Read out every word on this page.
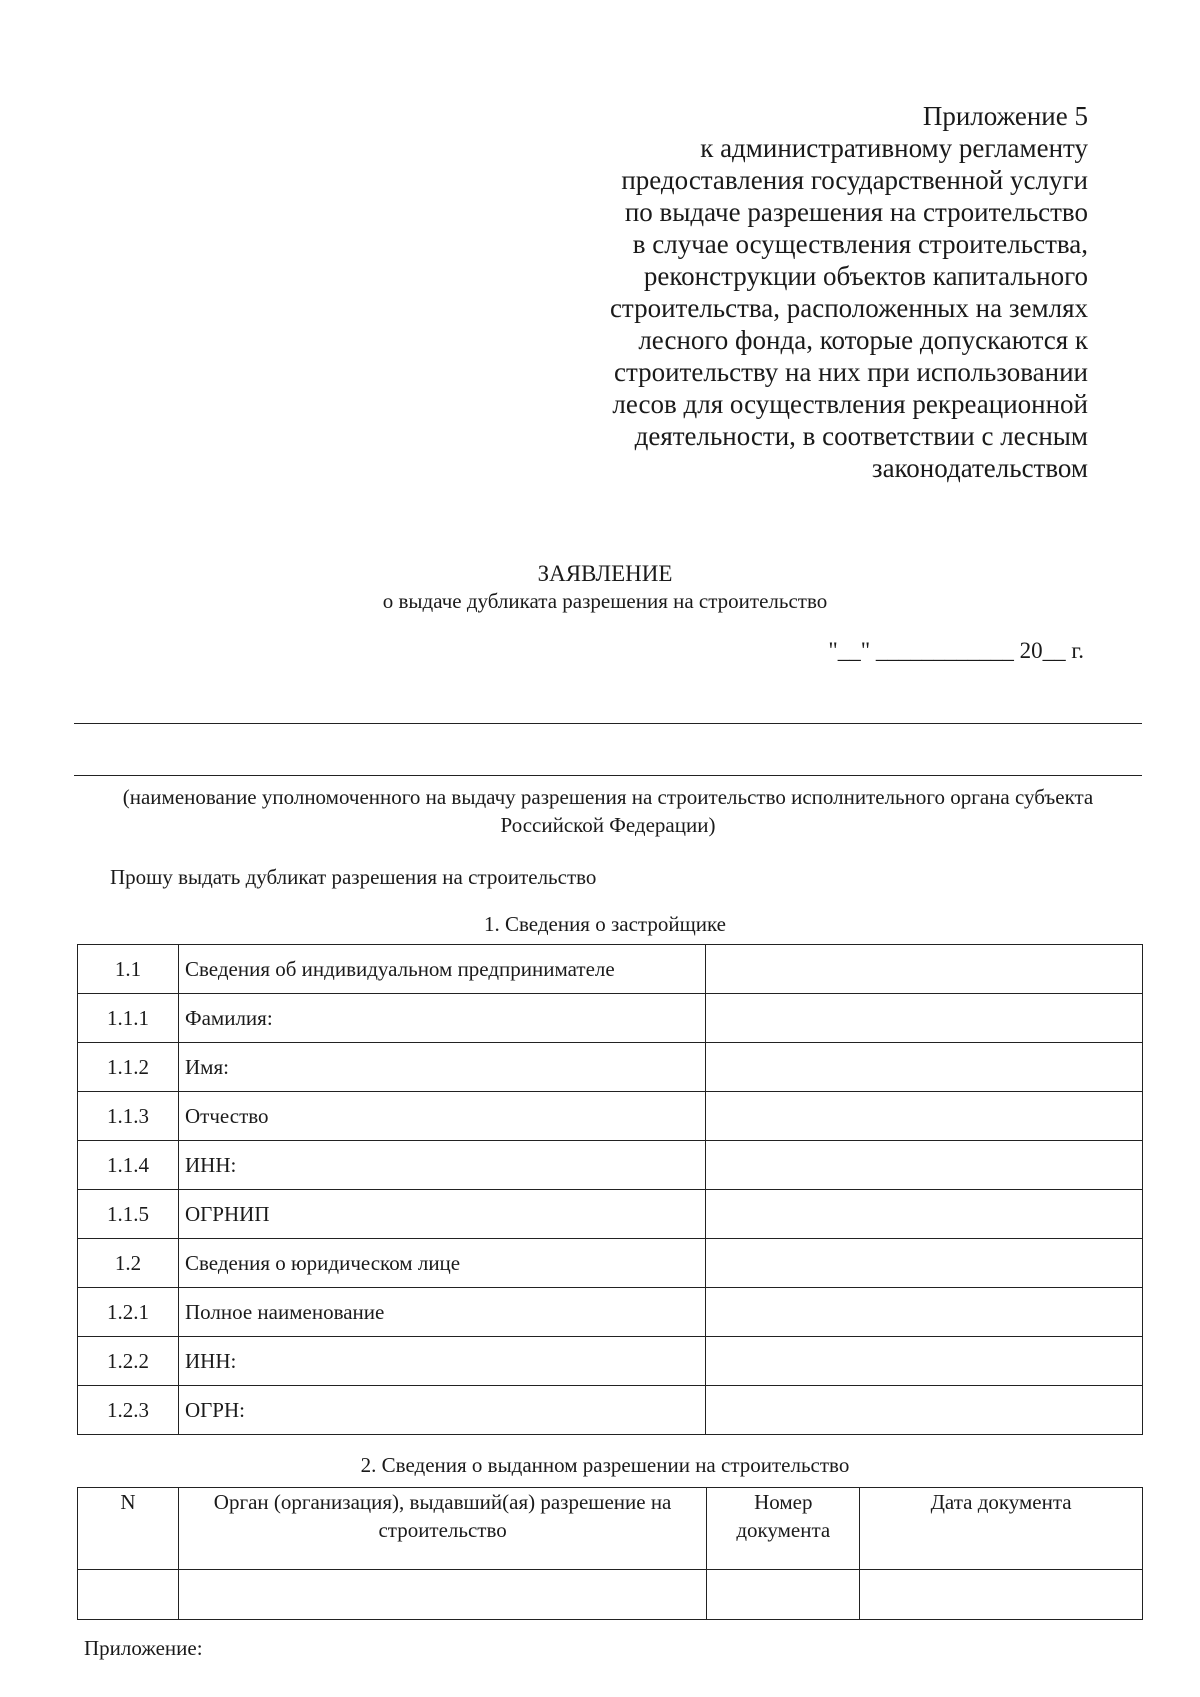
Приложение 5
к административному регламенту
предоставления государственной услуги
по выдаче разрешения на строительство
в случае осуществления строительства,
реконструкции объектов капитального
строительства, расположенных на землях
лесного фонда, которые допускаются к
строительству на них при использовании
лесов для осуществления рекреационной
деятельности, в соответствии с лесным
законодательством
ЗАЯВЛЕНИЕ
о выдаче дубликата разрешения на строительство
"__" ____________ 20__ г.
(наименование уполномоченного на выдачу разрешения на строительство исполнительного органа субъекта Российской Федерации)
Прошу выдать дубликат разрешения на строительство
1. Сведения о застройщике
1.1	Сведения об индивидуальном предпринимателе	
1.1.1	Фамилия:	
1.1.2	Имя:	
1.1.3	Отчество	
1.1.4	ИНН:	
1.1.5	ОГРНИП	
1.2	Сведения о юридическом лице	
1.2.1	Полное наименование	
1.2.2	ИНН:	
1.2.3	ОГРН:	
2. Сведения о выданном разрешении на строительство
N	Орган (организация), выдавший(ая) разрешение на строительство	Номер документа	Дата документа

Приложение:
